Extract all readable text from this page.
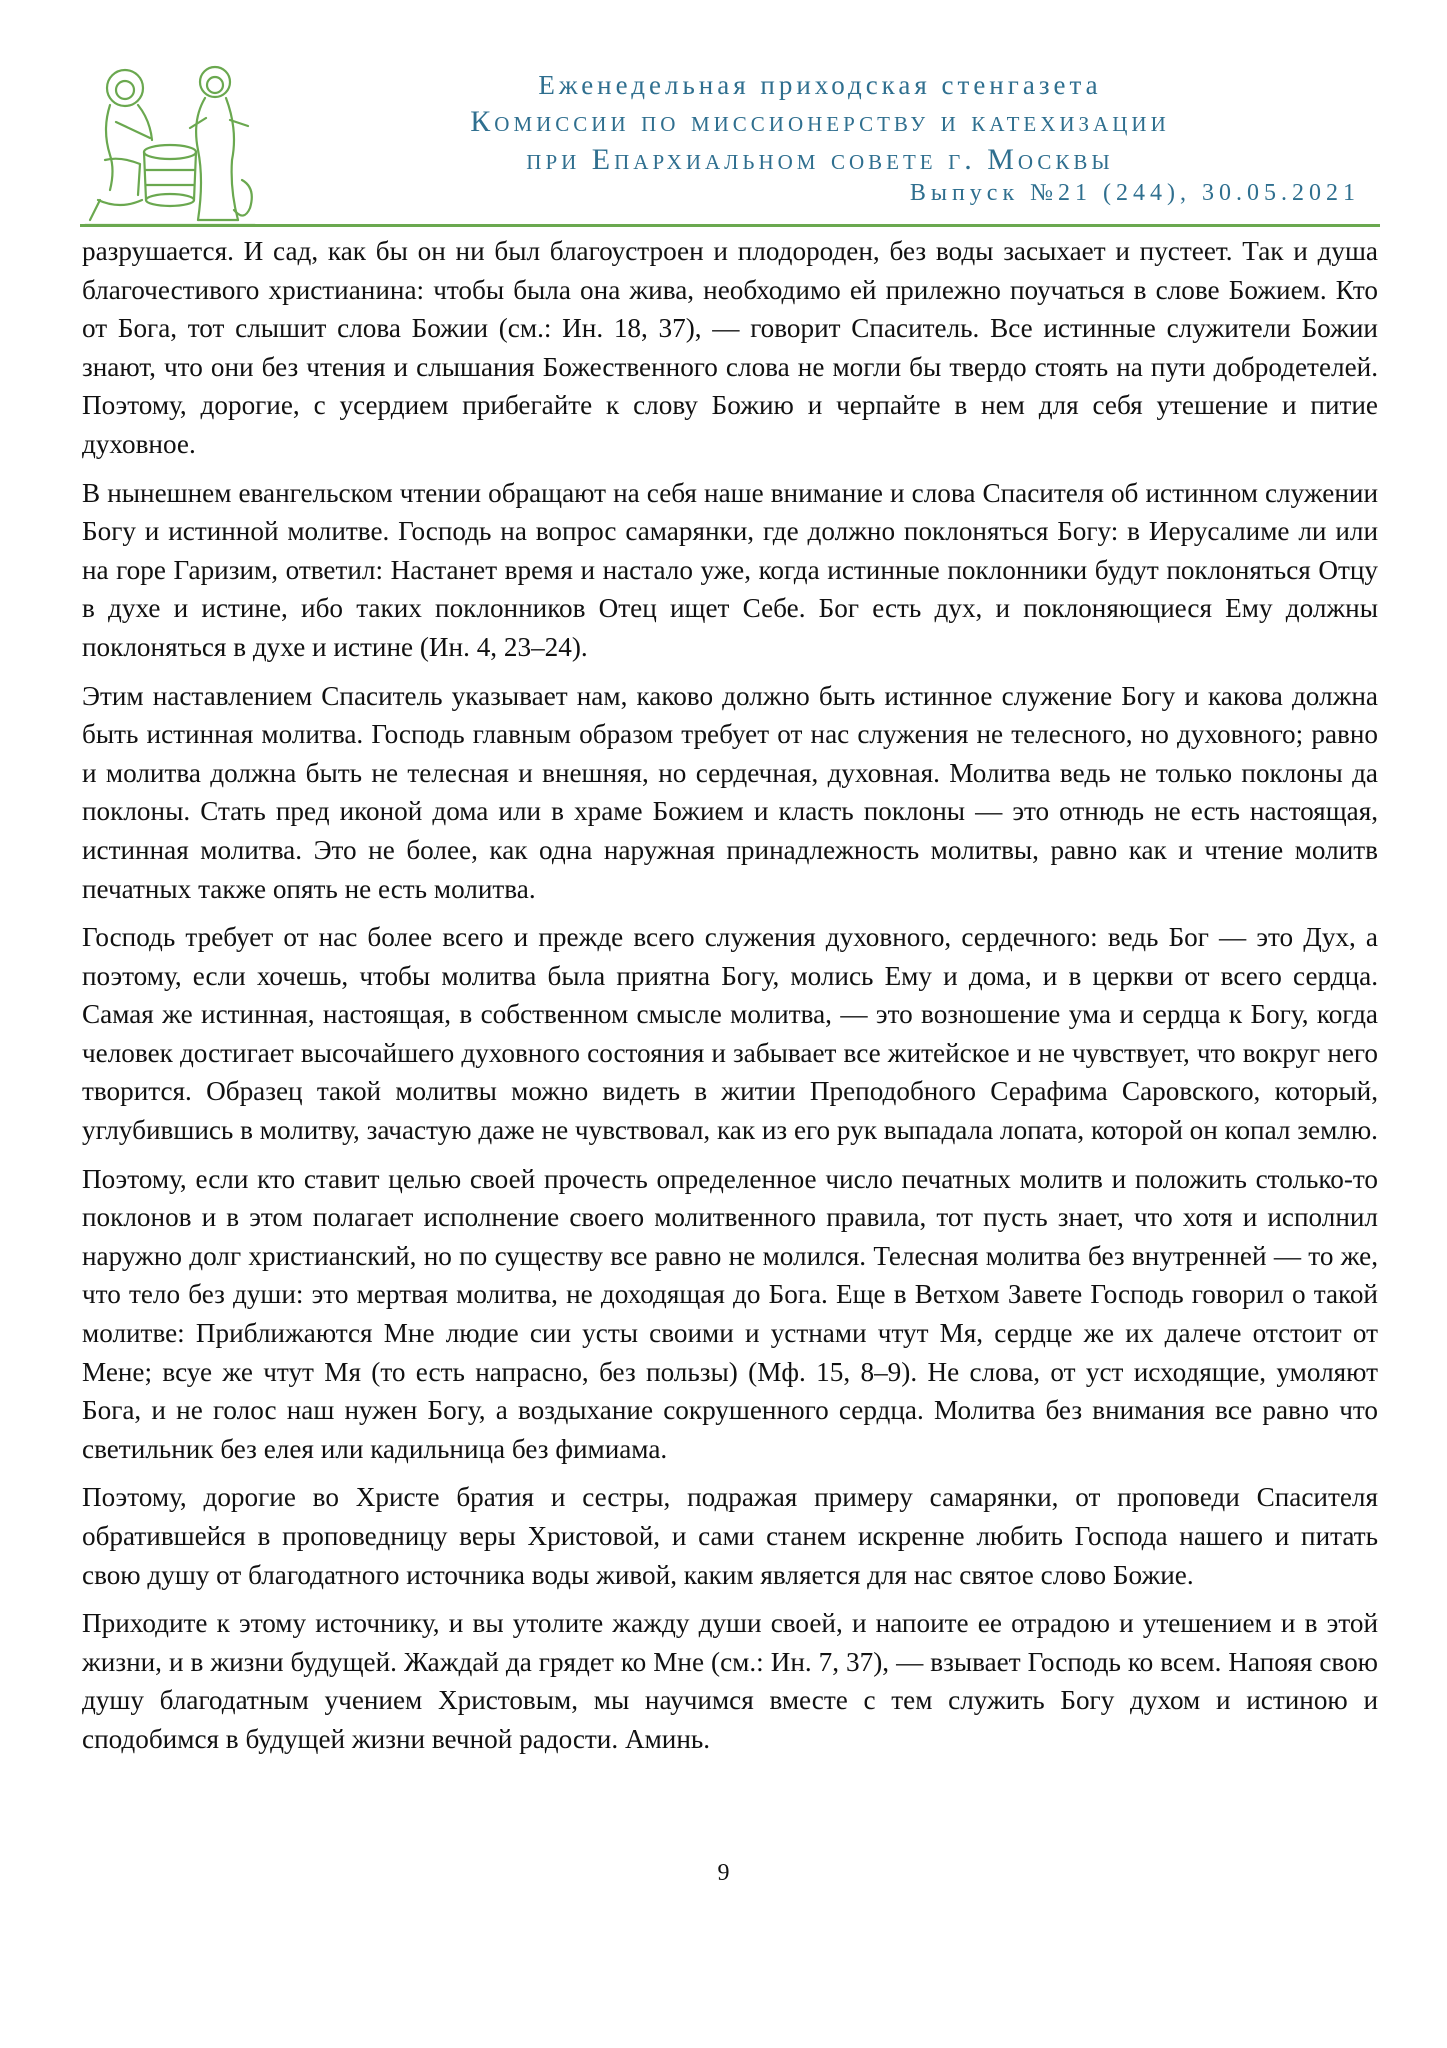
Еженедельная приходская стенгазета
Комиссии по миссионерству и катехизации
при Епархиальном совете г. Москвы
Выпуск №21 (244), 30.05.2021

разрушается. И сад, как бы он ни был благоустроен и плодороден, без воды засыхает и пустеет. Так и душа благочестивого христианина: чтобы была она жива, необходимо ей прилежно поучаться в слове Божием. Кто от Бога, тот слышит слова Божии (см.: Ин. 18, 37), — говорит Спаситель. Все истинные служители Божии знают, что они без чтения и слышания Божественного слова не могли бы твердо стоять на пути добродетелей. Поэтому, дорогие, с усердием прибегайте к слову Божию и черпайте в нем для себя утешение и питие духовное.

В нынешнем евангельском чтении обращают на себя наше внимание и слова Спасителя об истинном служении Богу и истинной молитве. Господь на вопрос самарянки, где должно поклоняться Богу: в Иерусалиме ли или на горе Гаризим, ответил: Настанет время и настало уже, когда истинные поклонники будут поклоняться Отцу в духе и истине, ибо таких поклонников Отец ищет Себе. Бог есть дух, и поклоняющиеся Ему должны поклоняться в духе и истине (Ин. 4, 23–24).

Этим наставлением Спаситель указывает нам, каково должно быть истинное служение Богу и какова должна быть истинная молитва. Господь главным образом требует от нас служения не телесного, но духовного; равно и молитва должна быть не телесная и внешняя, но сердечная, духовная. Молитва ведь не только поклоны да поклоны. Стать пред иконой дома или в храме Божием и класть поклоны — это отнюдь не есть настоящая, истинная молитва. Это не более, как одна наружная принадлежность молитвы, равно как и чтение молитв печатных также опять не есть молитва.

Господь требует от нас более всего и прежде всего служения духовного, сердечного: ведь Бог — это Дух, а поэтому, если хочешь, чтобы молитва была приятна Богу, молись Ему и дома, и в церкви от всего сердца. Самая же истинная, настоящая, в собственном смысле молитва, — это возношение ума и сердца к Богу, когда человек достигает высочайшего духовного состояния и забывает все житейское и не чувствует, что вокруг него творится. Образец такой молитвы можно видеть в житии Преподобного Серафима Саровского, который, углубившись в молитву, зачастую даже не чувствовал, как из его рук выпадала лопата, которой он копал землю.

Поэтому, если кто ставит целью своей прочесть определенное число печатных молитв и положить столько-то поклонов и в этом полагает исполнение своего молитвенного правила, тот пусть знает, что хотя и исполнил наружно долг христианский, но по существу все равно не молился. Телесная молитва без внутренней — то же, что тело без души: это мертвая молитва, не доходящая до Бога. Еще в Ветхом Завете Господь говорил о такой молитве: Приближаются Мне людие сии усты своими и устнами чтут Мя, сердце же их далече отстоит от Мене; всуе же чтут Мя (то есть напрасно, без пользы) (Мф. 15, 8–9). Не слова, от уст исходящие, умоляют Бога, и не голос наш нужен Богу, а воздыхание сокрушенного сердца. Молитва без внимания все равно что светильник без елея или кадильница без фимиама.

Поэтому, дорогие во Христе братия и сестры, подражая примеру самарянки, от проповеди Спасителя обратившейся в проповедницу веры Христовой, и сами станем искренне любить Господа нашего и питать свою душу от благодатного источника воды живой, каким является для нас святое слово Божие.

Приходите к этому источнику, и вы утолите жажду души своей, и напоите ее отрадою и утешением и в этой жизни, и в жизни будущей. Жаждай да грядет ко Мне (см.: Ин. 7, 37), — взывает Господь ко всем. Напояя свою душу благодатным учением Христовым, мы научимся вместе с тем служить Богу духом и истиною и сподобимся в будущей жизни вечной радости. Аминь.

9
